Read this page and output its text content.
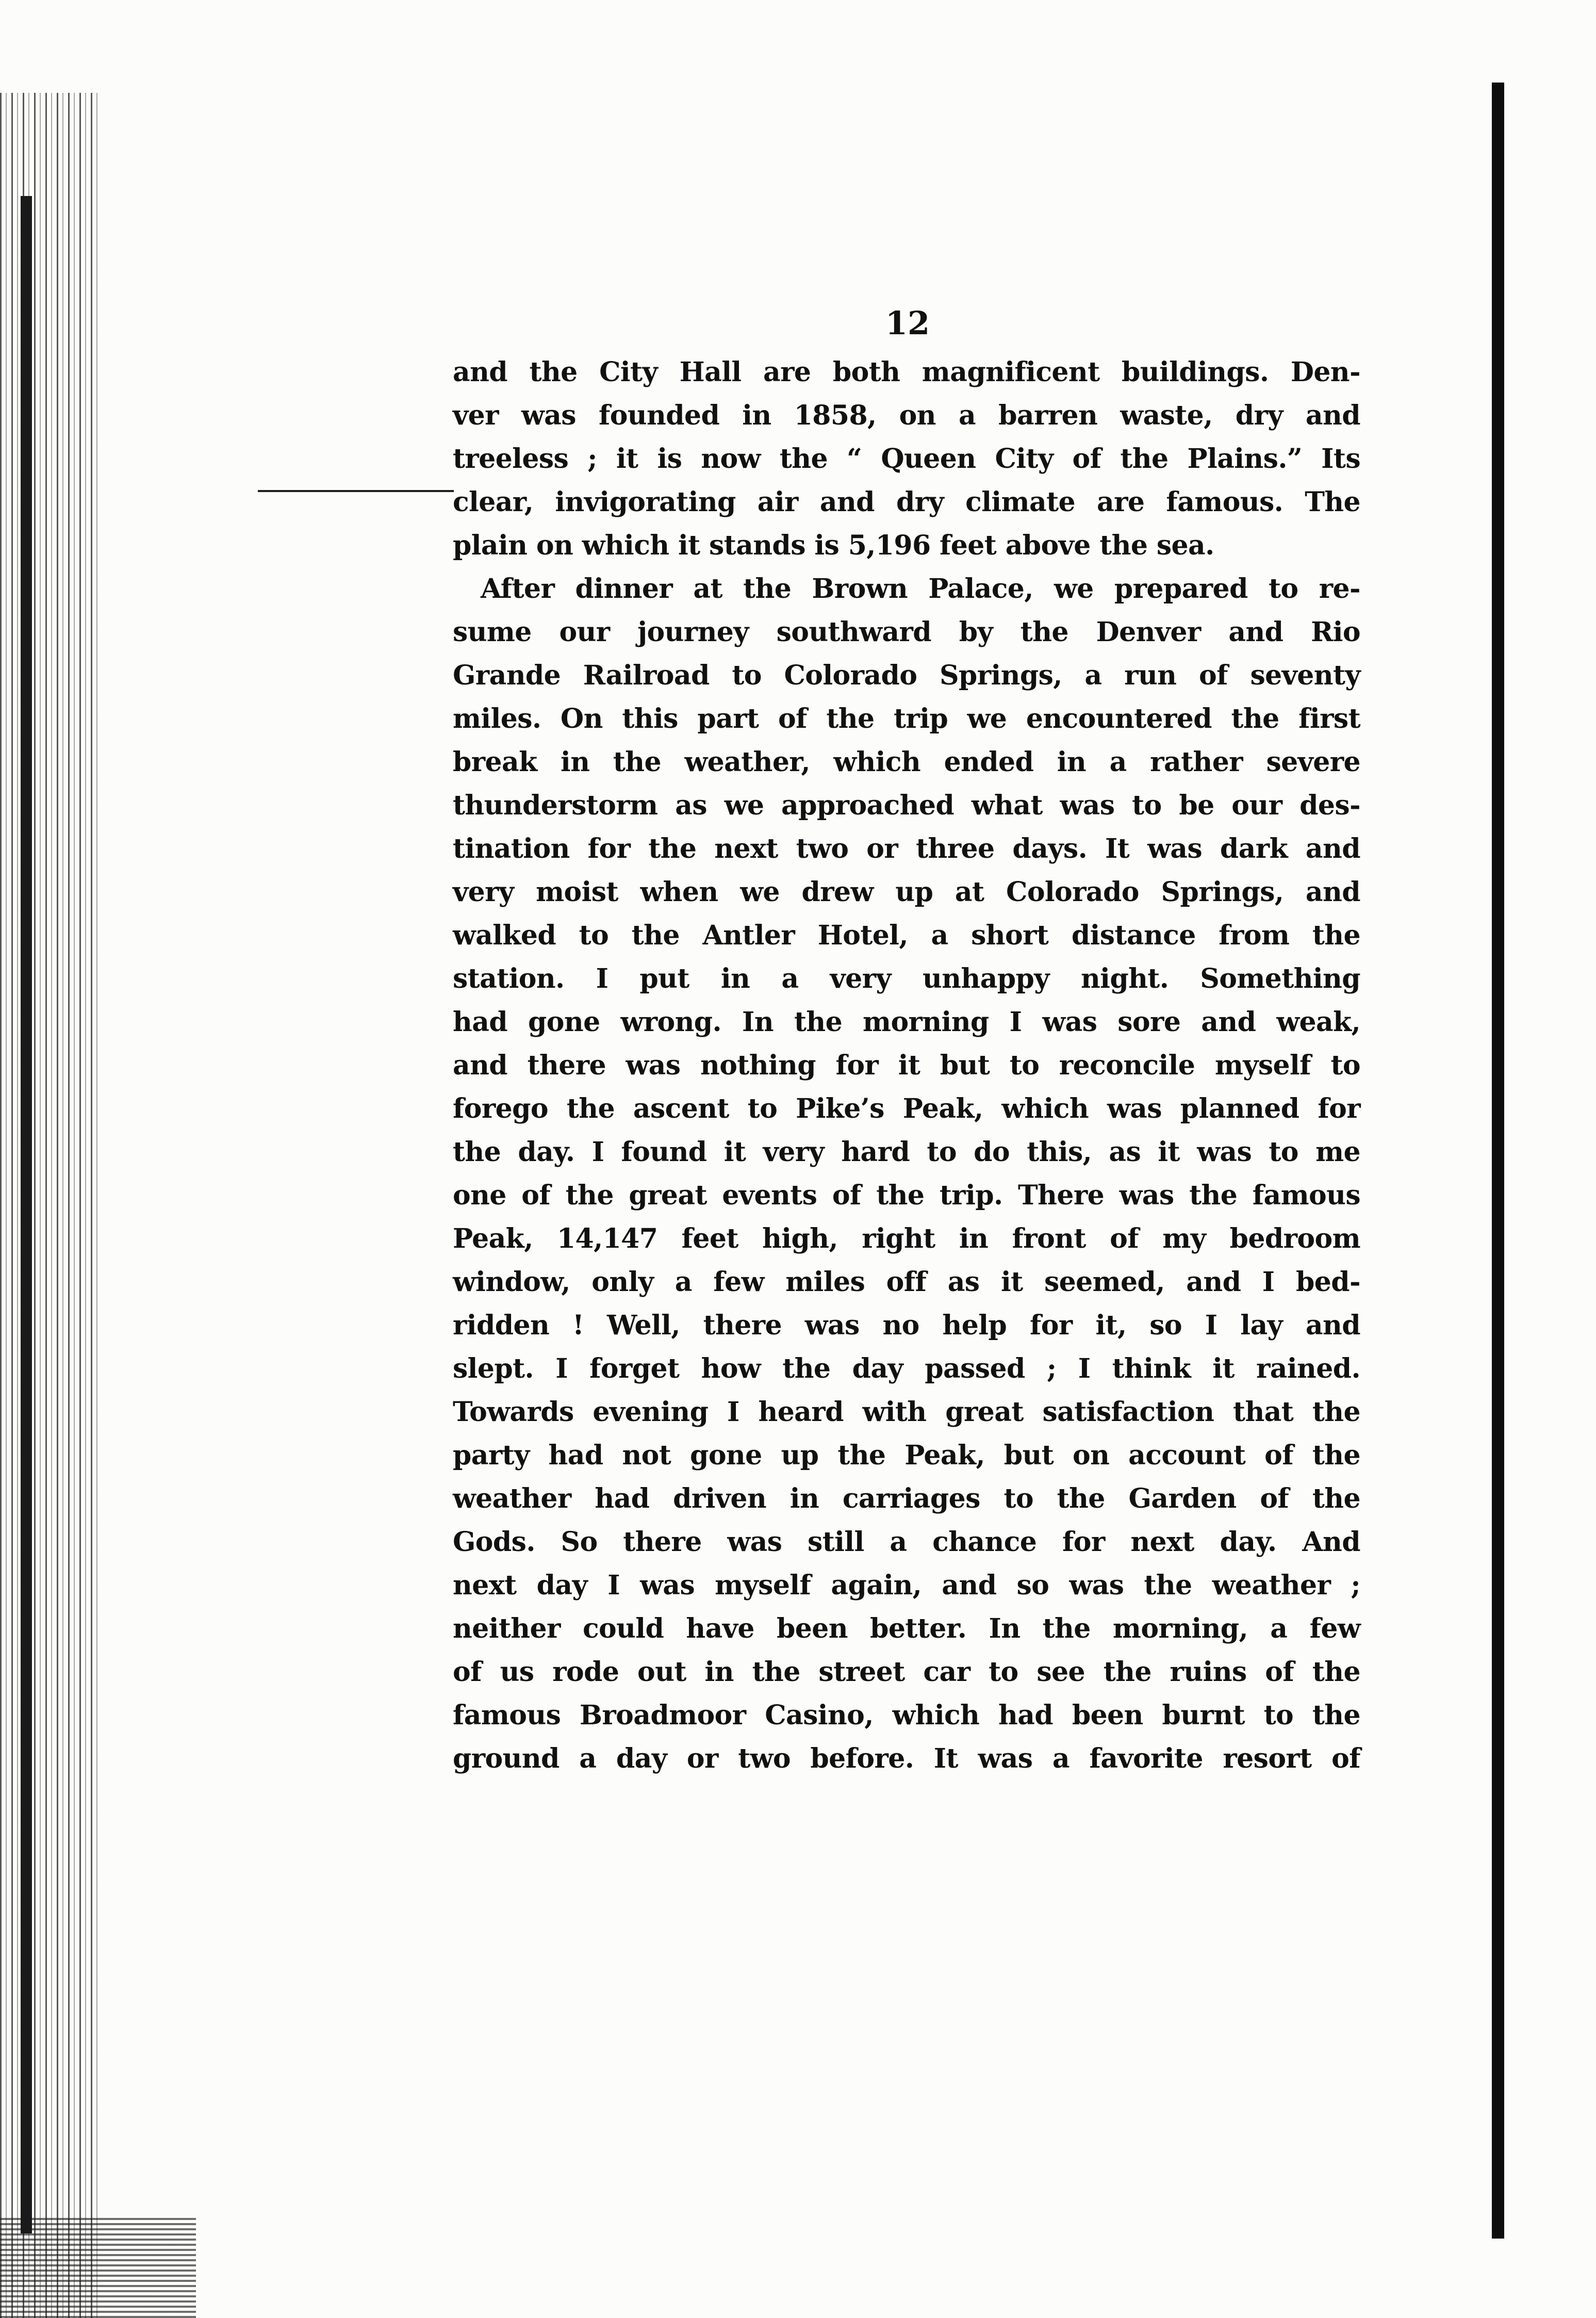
12
and the City Hall are both magnificent buildings. Den-
ver was founded in 1858, on a barren waste, dry and
treeless ; it is now the “ Queen City of the Plains.” Its
clear, invigorating air and dry climate are famous. The
plain on which it stands is 5,196 feet above the sea.
After dinner at the Brown Palace, we prepared to re-
sume our journey southward by the Denver and Rio
Grande Railroad to Colorado Springs, a run of seventy
miles. On this part of the trip we encountered the first
break in the weather, which ended in a rather severe
thunderstorm as we approached what was to be our des-
tination for the next two or three days. It was dark and
very moist when we drew up at Colorado Springs, and
walked to the Antler Hotel, a short distance from the
station. I put in a very unhappy night. Something
had gone wrong. In the morning I was sore and weak,
and there was nothing for it but to reconcile myself to
forego the ascent to Pike’s Peak, which was planned for
the day. I found it very hard to do this, as it was to me
one of the great events of the trip. There was the famous
Peak, 14,147 feet high, right in front of my bedroom
window, only a few miles off as it seemed, and I bed-
ridden ! Well, there was no help for it, so I lay and
slept. I forget how the day passed ; I think it rained.
Towards evening I heard with great satisfaction that the
party had not gone up the Peak, but on account of the
weather had driven in carriages to the Garden of the
Gods. So there was still a chance for next day. And
next day I was myself again, and so was the weather ;
neither could have been better. In the morning, a few
of us rode out in the street car to see the ruins of the
famous Broadmoor Casino, which had been burnt to the
ground a day or two before. It was a favorite resort of
